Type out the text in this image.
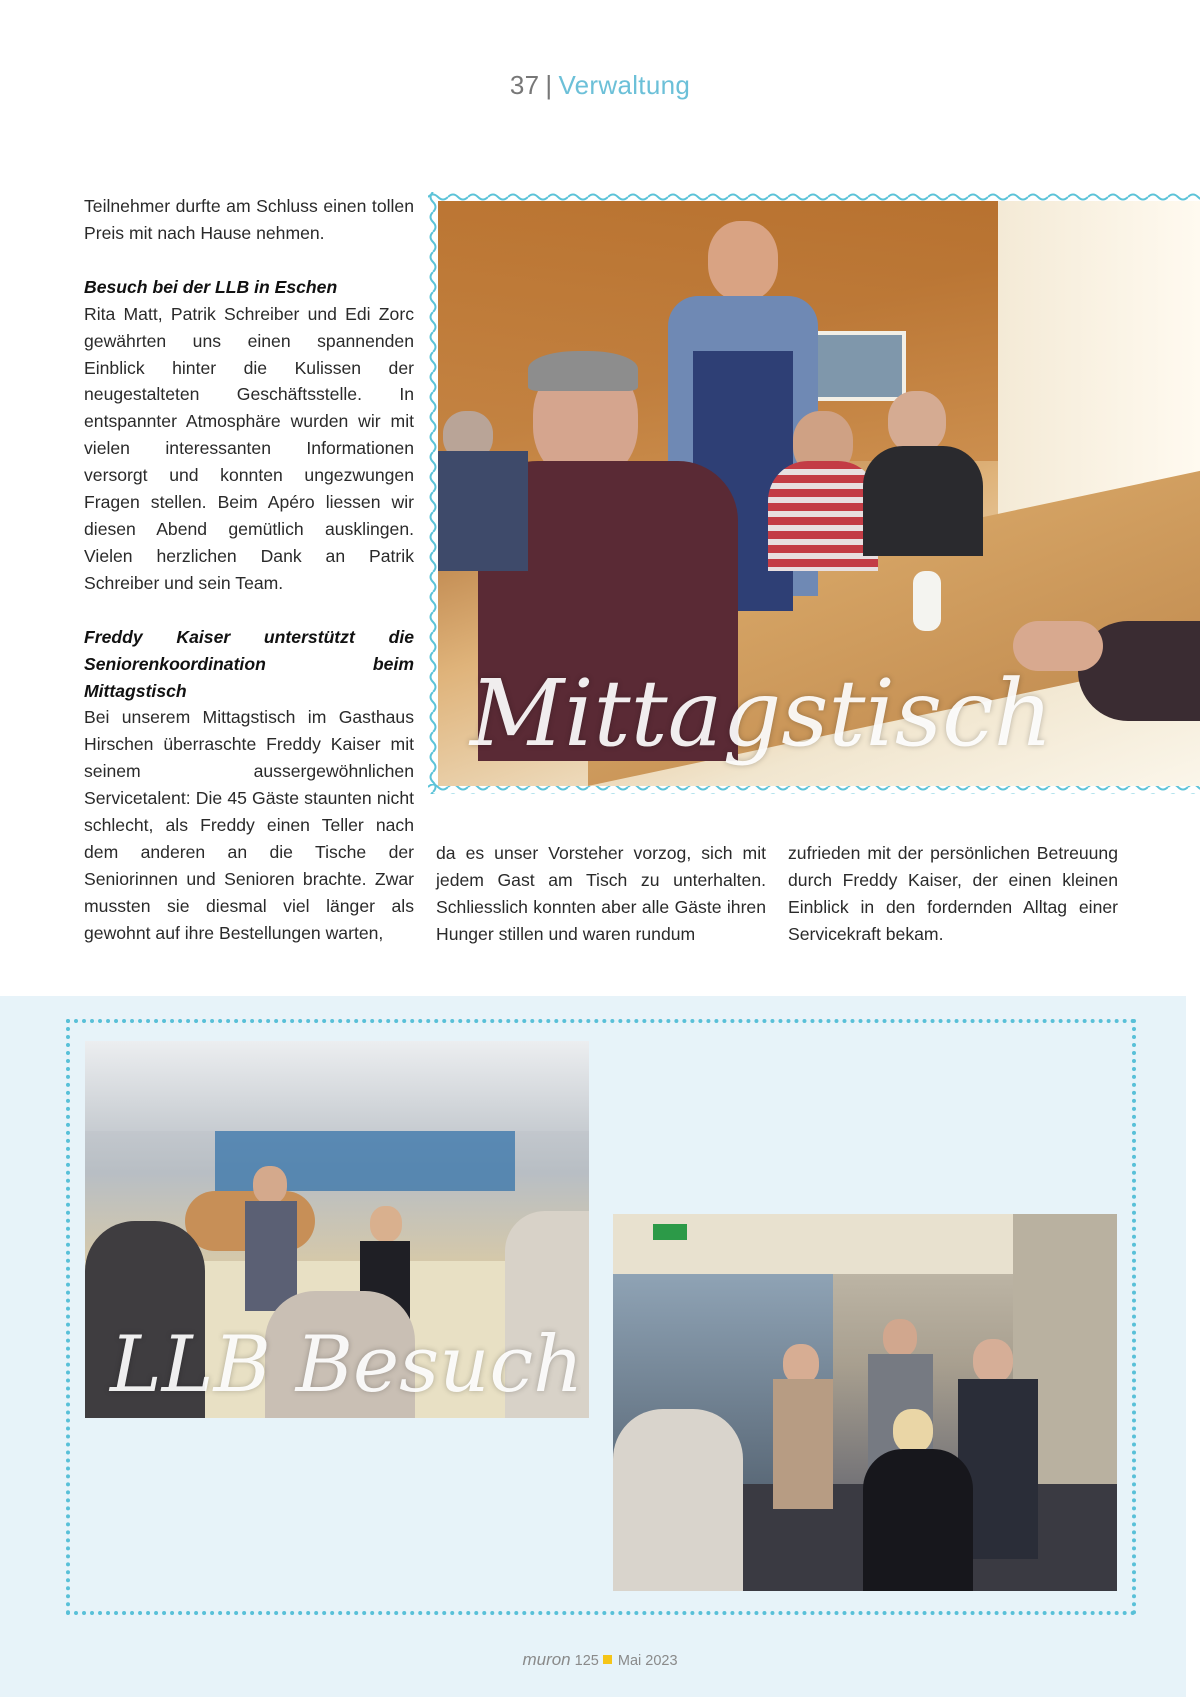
37 | Verwaltung

Teilnehmer durfte am Schluss einen tollen Preis mit nach Hause nehmen.

Besuch bei der LLB in Eschen

Rita Matt, Patrik Schreiber und Edi Zorc gewährten uns einen spannenden Einblick hinter die Kulissen der neugestalteten Geschäftsstelle. In entspannter Atmosphäre wurden wir mit vielen interessanten Informationen versorgt und konnten ungezwungen Fragen stellen. Beim Apéro liessen wir diesen Abend gemütlich ausklingen. Vielen herzlichen Dank an Patrik Schreiber und sein Team.

Freddy Kaiser unterstützt die Seniorenkoordination beim Mittagstisch

Bei unserem Mittagstisch im Gasthaus Hirschen überraschte Freddy Kaiser mit seinem aussergewöhnlichen Servicetalent: Die 45 Gäste staunten nicht schlecht, als Freddy einen Teller nach dem anderen an die Tische der Seniorinnen und Senioren brachte. Zwar mussten sie diesmal viel länger als gewohnt auf ihre Bestellungen warten,

da es unser Vorsteher vorzog, sich mit jedem Gast am Tisch zu unterhalten. Schliesslich konnten aber alle Gäste ihren Hunger stillen und waren rundum

zufrieden mit der persönlichen Betreuung durch Freddy Kaiser, der einen kleinen Einblick in den fordernden Alltag einer Servicekraft bekam.

Mittagstisch
LLB Besuch
muron 125 Mai 2023
